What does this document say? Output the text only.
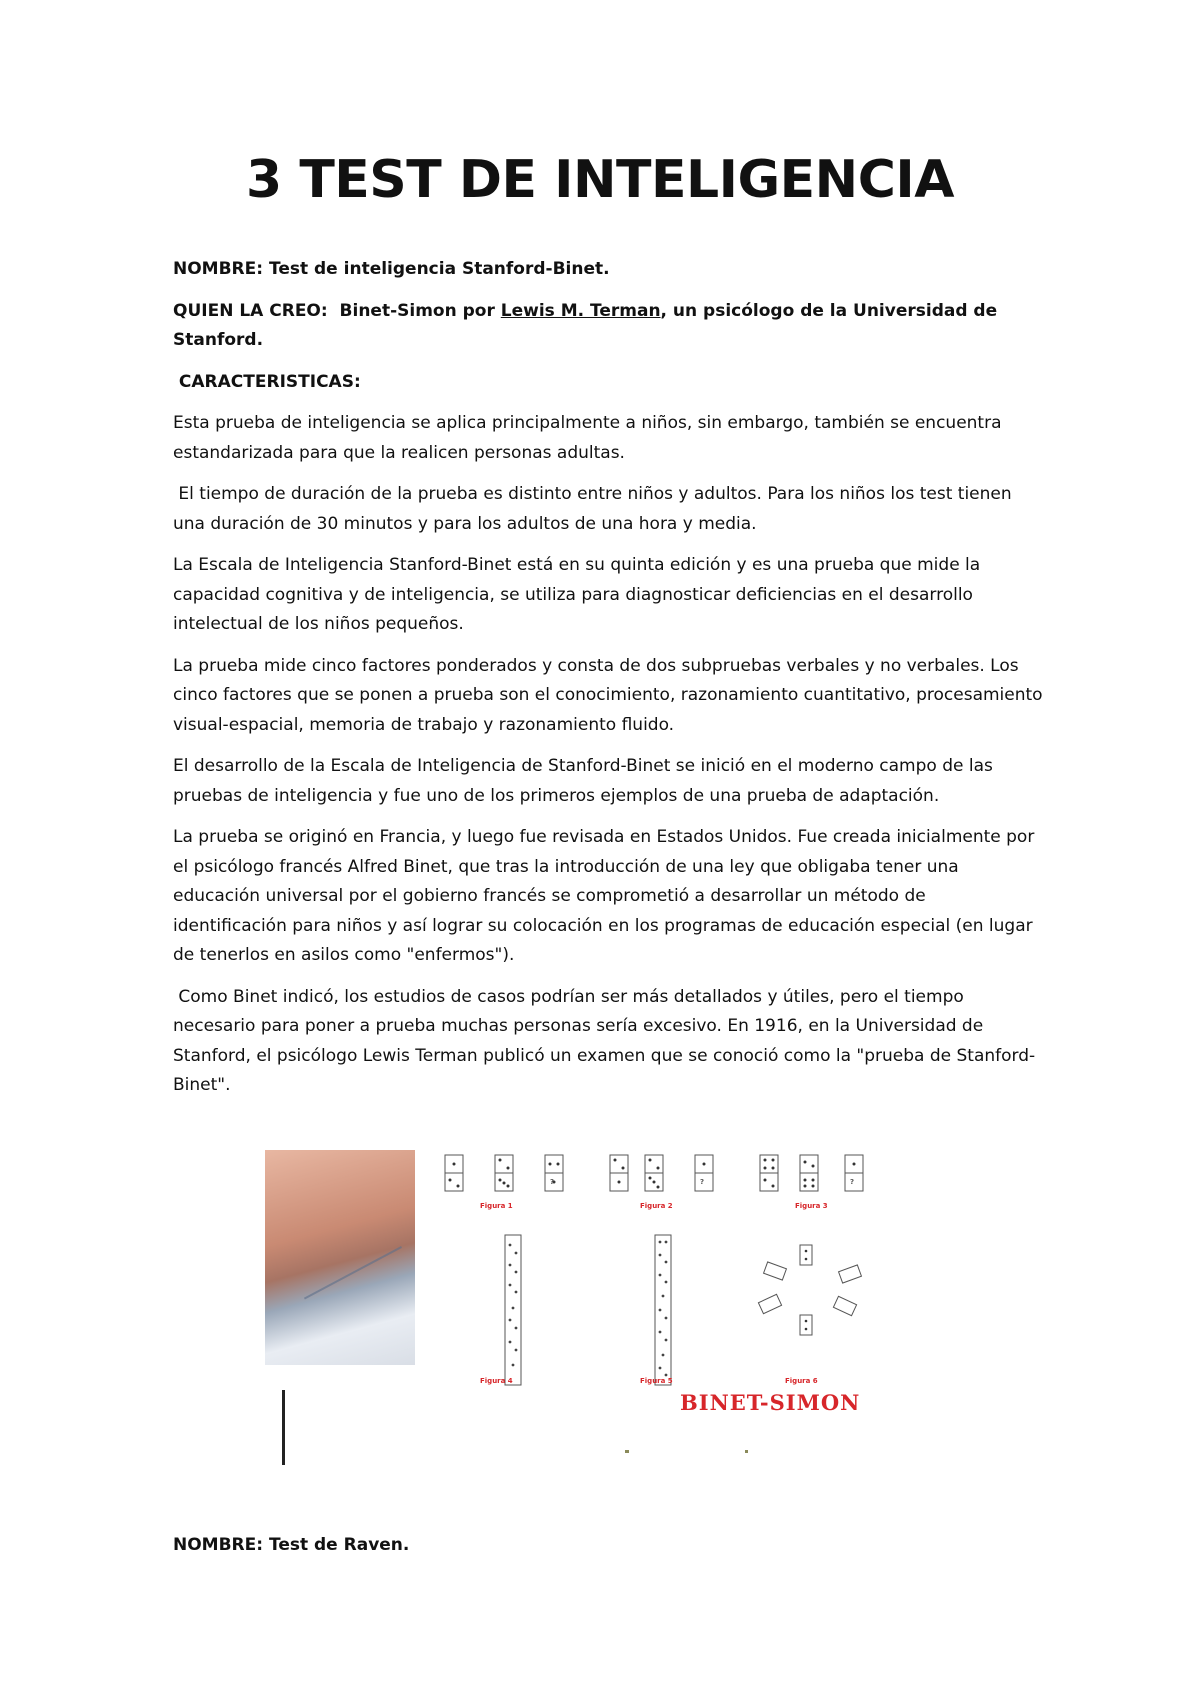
3 TEST DE INTELIGENCIA

NOMBRE: Test de inteligencia Stanford-Binet.

QUIEN LA CREO: Binet-Simon por Lewis M. Terman, un psicólogo de la Universidad de Stanford.

CARACTERISTICAS:

Esta prueba de inteligencia se aplica principalmente a niños, sin embargo, también se encuentra estandarizada para que la realicen personas adultas.

El tiempo de duración de la prueba es distinto entre niños y adultos. Para los niños los test tienen una duración de 30 minutos y para los adultos de una hora y media.

La Escala de Inteligencia Stanford-Binet está en su quinta edición y es una prueba que mide la capacidad cognitiva y de inteligencia, se utiliza para diagnosticar deficiencias en el desarrollo intelectual de los niños pequeños.

La prueba mide cinco factores ponderados y consta de dos subpruebas verbales y no verbales. Los cinco factores que se ponen a prueba son el conocimiento, razonamiento cuantitativo, procesamiento visual-espacial, memoria de trabajo y razonamiento fluido.

El desarrollo de la Escala de Inteligencia de Stanford-Binet se inició en el moderno campo de las pruebas de inteligencia y fue uno de los primeros ejemplos de una prueba de adaptación.

La prueba se originó en Francia, y luego fue revisada en Estados Unidos. Fue creada inicialmente por el psicólogo francés Alfred Binet, que tras la introducción de una ley que obligaba tener una educación universal por el gobierno francés se comprometió a desarrollar un método de identificación para niños y así lograr su colocación en los programas de educación especial (en lugar de tenerlos en asilos como "enfermos").

Como Binet indicó, los estudios de casos podrían ser más detallados y útiles, pero el tiempo necesario para poner a prueba muchas personas sería excesivo. En 1916, en la Universidad de Stanford, el psicólogo Lewis Terman publicó un examen que se conoció como la "prueba de Stanford-Binet".

?	?	?
Figura 1	Figura 2	Figura 3
Figura 4	Figura 5	Figura 6
BINET-SIMON
NOMBRE: Test de Raven.
